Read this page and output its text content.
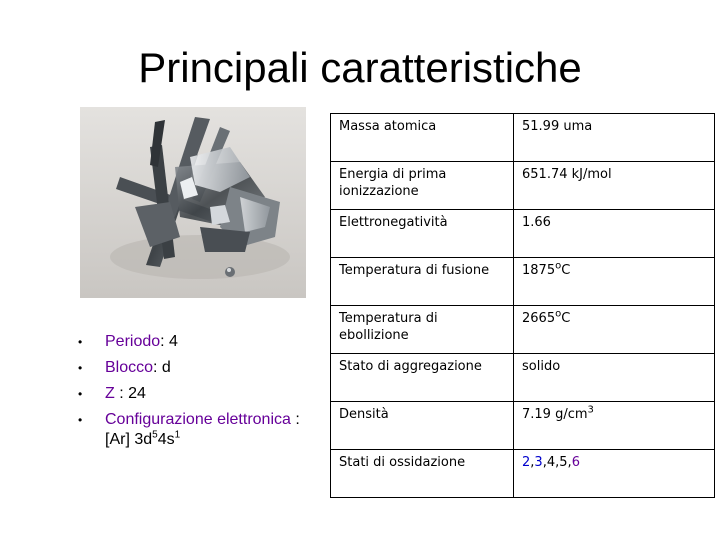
Principali caratteristiche
• Periodo: 4
• Blocco: d
• Z : 24
• Configurazione elettronica : [Ar] $3d^54s^1$
Massa atomica	51.99 uma
Energia di prima ionizzazione	651.74 kJ/mol
Elettronegatività	1.66
Temperatura di fusione	1875$^o$C
Temperatura di ebollizione	2665$^o$C
Stato di aggregazione	solido
Densità	7.19 $g/cm^3$
Stati di ossidazione	2,3,4,5,6
